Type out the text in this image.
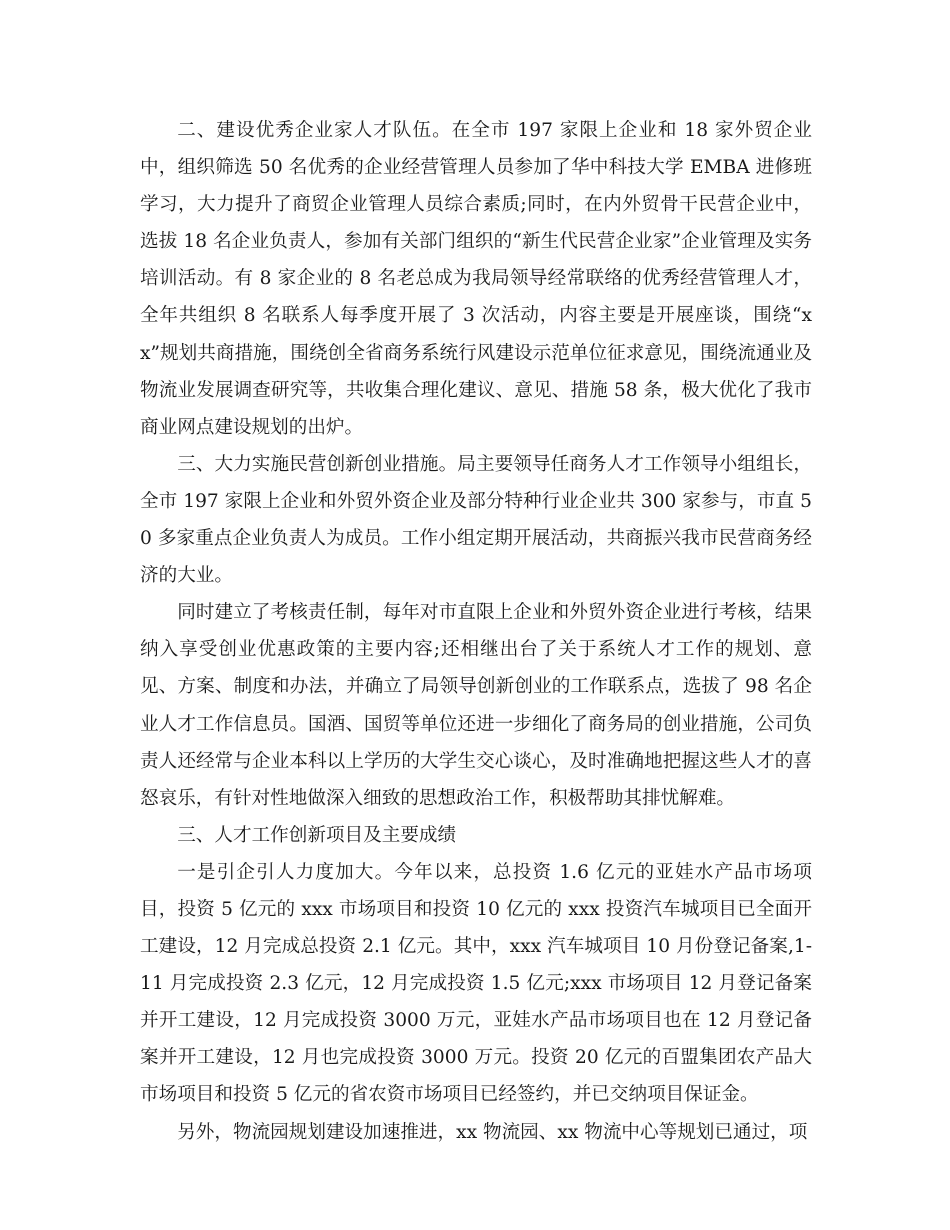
二、建设优秀企业家人才队伍。在全市 197 家限上企业和 18 家外贸企业中，组织筛选 50 名优秀的企业经营管理人员参加了华中科技大学 EMBA 进修班学习，大力提升了商贸企业管理人员综合素质;同时，在内外贸骨干民营企业中，选拔 18 名企业负责人，参加有关部门组织的“新生代民营企业家”企业管理及实务培训活动。有 8 家企业的 8 名老总成为我局领导经常联络的优秀经营管理人才，全年共组织 8 名联系人每季度开展了 3 次活动，内容主要是开展座谈，围绕“xx”规划共商措施，围绕创全省商务系统行风建设示范单位征求意见，围绕流通业及物流业发展调查研究等，共收集合理化建议、意见、措施 58 条，极大优化了我市商业网点建设规划的出炉。

三、大力实施民营创新创业措施。局主要领导任商务人才工作领导小组组长，全市 197 家限上企业和外贸外资企业及部分特种行业企业共 300 家参与，市直 50 多家重点企业负责人为成员。工作小组定期开展活动，共商振兴我市民营商务经济的大业。

同时建立了考核责任制，每年对市直限上企业和外贸外资企业进行考核，结果纳入享受创业优惠政策的主要内容;还相继出台了关于系统人才工作的规划、意见、方案、制度和办法，并确立了局领导创新创业的工作联系点，选拔了 98 名企业人才工作信息员。国酒、国贸等单位还进一步细化了商务局的创业措施，公司负责人还经常与企业本科以上学历的大学生交心谈心，及时准确地把握这些人才的喜怒哀乐，有针对性地做深入细致的思想政治工作，积极帮助其排忧解难。

三、人才工作创新项目及主要成绩

一是引企引人力度加大。今年以来，总投资 1.6 亿元的亚娃水产品市场项目，投资 5 亿元的 xxx 市场项目和投资 10 亿元的 xxx 投资汽车城项目已全面开工建设，12 月完成总投资 2.1 亿元。其中，xxx 汽车城项目 10 月份登记备案,1-11 月完成投资 2.3 亿元，12 月完成投资 1.5 亿元;xxx 市场项目 12 月登记备案并开工建设，12 月完成投资 3000 万元，亚娃水产品市场项目也在 12 月登记备案并开工建设，12 月也完成投资 3000 万元。投资 20 亿元的百盟集团农产品大市场项目和投资 5 亿元的省农资市场项目已经签约，并已交纳项目保证金。

另外，物流园规划建设加速推进，xx 物流园、xx 物流中心等规划已通过，项
